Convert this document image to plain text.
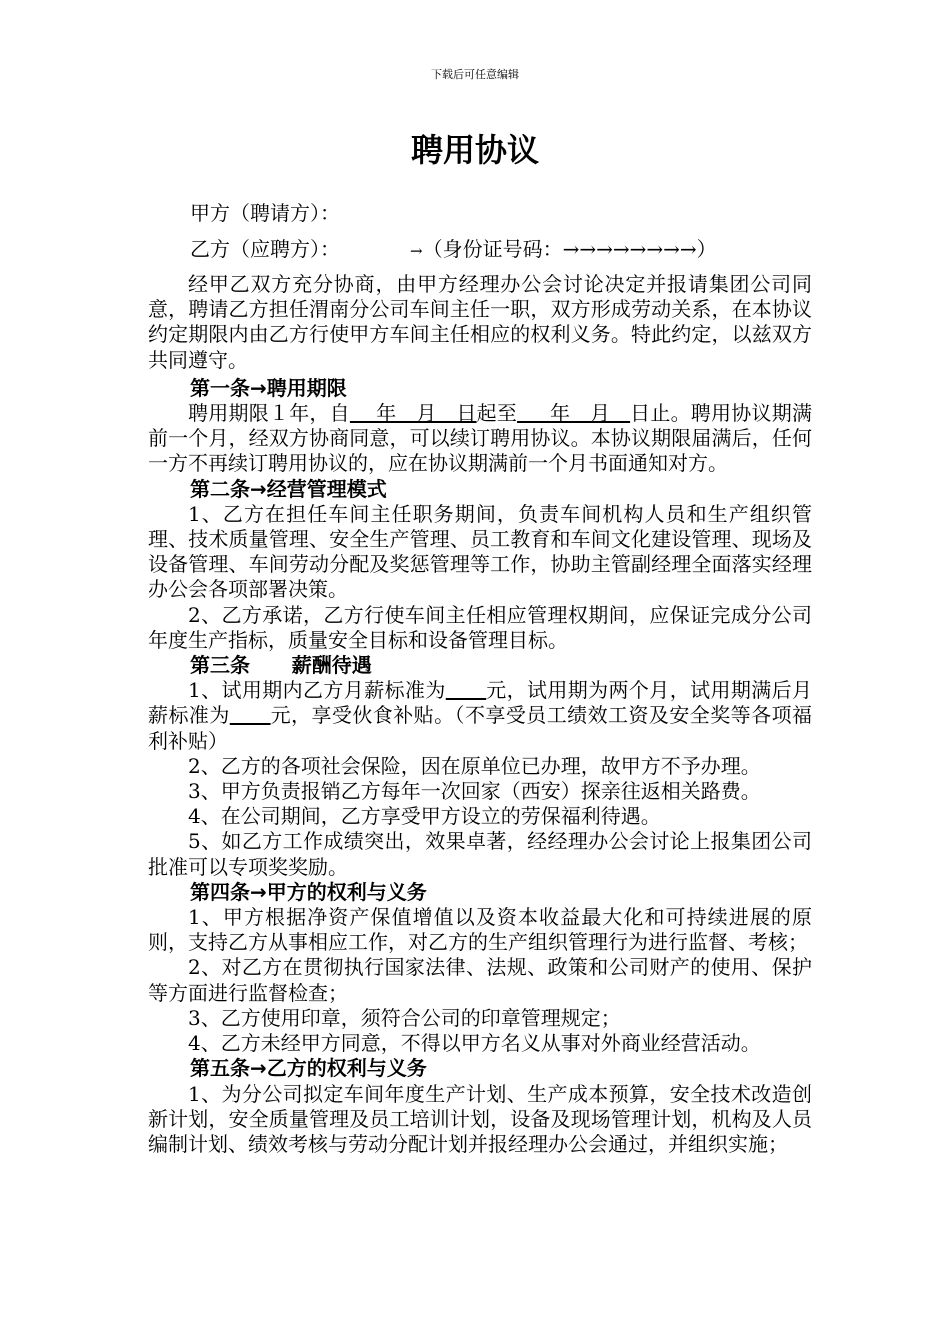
下载后可任意编辑
聘用协议
甲方（聘请方）：
乙方（应聘方）：	→（身份证号码：→→→→→→→→）

经甲乙双方充分协商，由甲方经理办公会讨论决定并报请集团公司同意，聘请乙方担任渭南分公司车间主任一职，双方形成劳动关系，在本协议约定期限内由乙方行使甲方车间主任相应的权利义务。特此约定，以兹双方共同遵守。

第一条→聘用期限

聘用期限１年，自    年   月   日起至     年   月   日止。聘用协议期满前一个月，经双方协商同意，可以续订聘用协议。本协议期限届满后，任何一方不再续订聘用协议的，应在协议期满前一个月书面通知对方。

第二条→经营管理模式

1、乙方在担任车间主任职务期间，负责车间机构人员和生产组织管理、技术质量管理、安全生产管理、员工教育和车间文化建设管理、现场及设备管理、车间劳动分配及奖惩管理等工作，协助主管副经理全面落实经理办公会各项部署决策。

2、乙方承诺，乙方行使车间主任相应管理权期间，应保证完成分公司年度生产指标，质量安全目标和设备管理目标。

第三条      薪酬待遇

1、试用期内乙方月薪标准为 元，试用期为两个月，试用期满后月薪标准为 元，享受伙食补贴。（不享受员工绩效工资及安全奖等各项福利补贴）

2、乙方的各项社会保险，因在原单位已办理，故甲方不予办理。

3、甲方负责报销乙方每年一次回家（西安）探亲往返相关路费。

4、在公司期间，乙方享受甲方设立的劳保福利待遇。

5、如乙方工作成绩突出，效果卓著，经经理办公会讨论上报集团公司批准可以专项奖奖励。

第四条→甲方的权利与义务

1、甲方根据净资产保值增值以及资本收益最大化和可持续进展的原则，支持乙方从事相应工作，对乙方的生产组织管理行为进行监督、考核；

2、对乙方在贯彻执行国家法律、法规、政策和公司财产的使用、保护等方面进行监督检查；

3、乙方使用印章，须符合公司的印章管理规定；

4、乙方未经甲方同意，不得以甲方名义从事对外商业经营活动。

第五条→乙方的权利与义务

1、为分公司拟定车间年度生产计划、生产成本预算，安全技术改造创新计划，安全质量管理及员工培训计划，设备及现场管理计划，机构及人员编制计划、绩效考核与劳动分配计划并报经理办公会通过，并组织实施；
